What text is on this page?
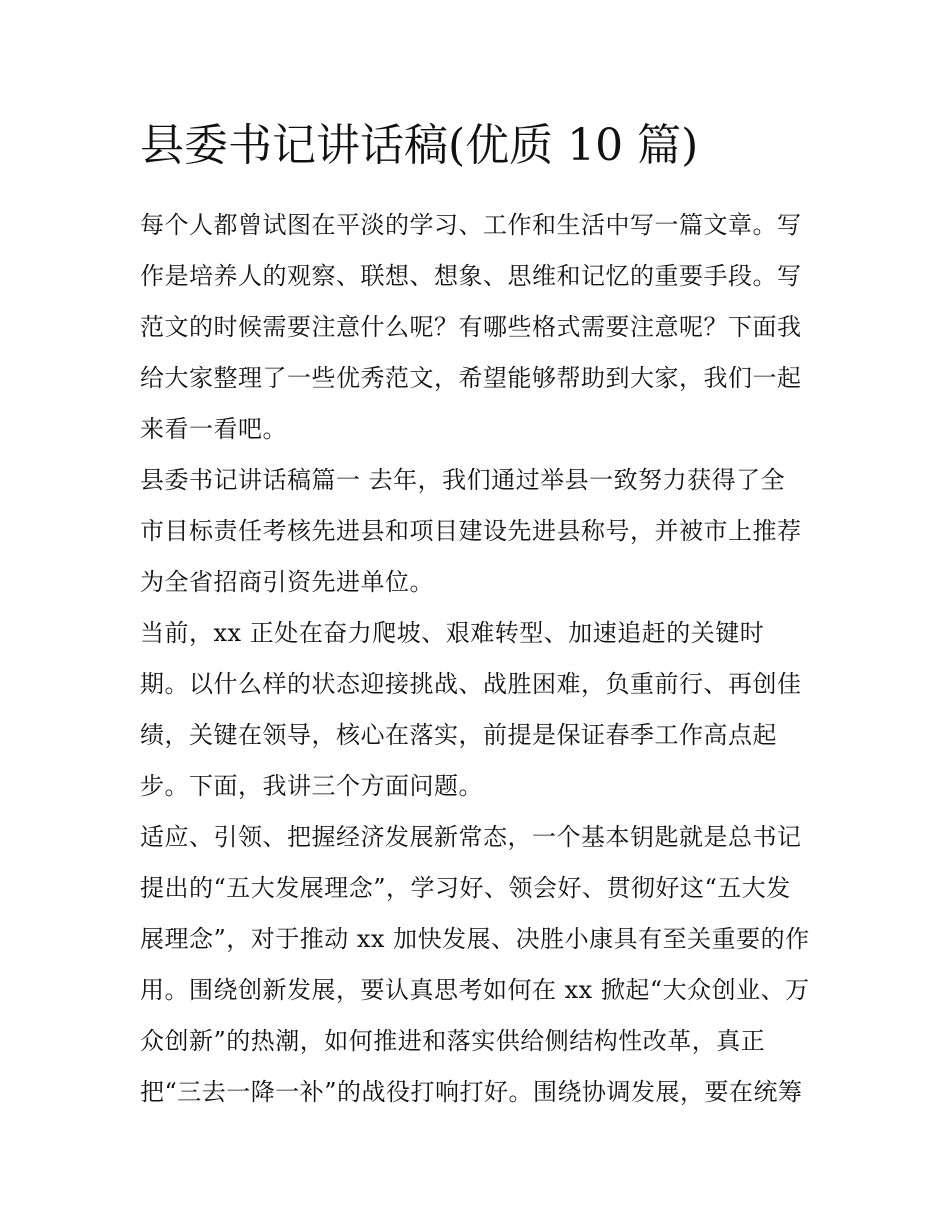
县委书记讲话稿(优质 10 篇)

每个人都曾试图在平淡的学习、工作和生活中写一篇文章。写

作是培养人的观察、联想、想象、思维和记忆的重要手段。写

范文的时候需要注意什么呢？有哪些格式需要注意呢？下面我

给大家整理了一些优秀范文，希望能够帮助到大家，我们一起

来看一看吧。

县委书记讲话稿篇一 去年，我们通过举县一致努力获得了全

市目标责任考核先进县和项目建设先进县称号，并被市上推荐

为全省招商引资先进单位。

当前，xx 正处在奋力爬坡、艰难转型、加速追赶的关键时

期。以什么样的状态迎接挑战、战胜困难，负重前行、再创佳

绩，关键在领导，核心在落实，前提是保证春季工作高点起

步。下面，我讲三个方面问题。

适应、引领、把握经济发展新常态，一个基本钥匙就是总书记

提出的“五大发展理念”，学习好、领会好、贯彻好这“五大发

展理念”，对于推动 xx 加快发展、决胜小康具有至关重要的作

用。围绕创新发展，要认真思考如何在 xx 掀起“大众创业、万

众创新”的热潮，如何推进和落实供给侧结构性改革，真正

把“三去一降一补”的战役打响打好。围绕协调发展，要在统筹
